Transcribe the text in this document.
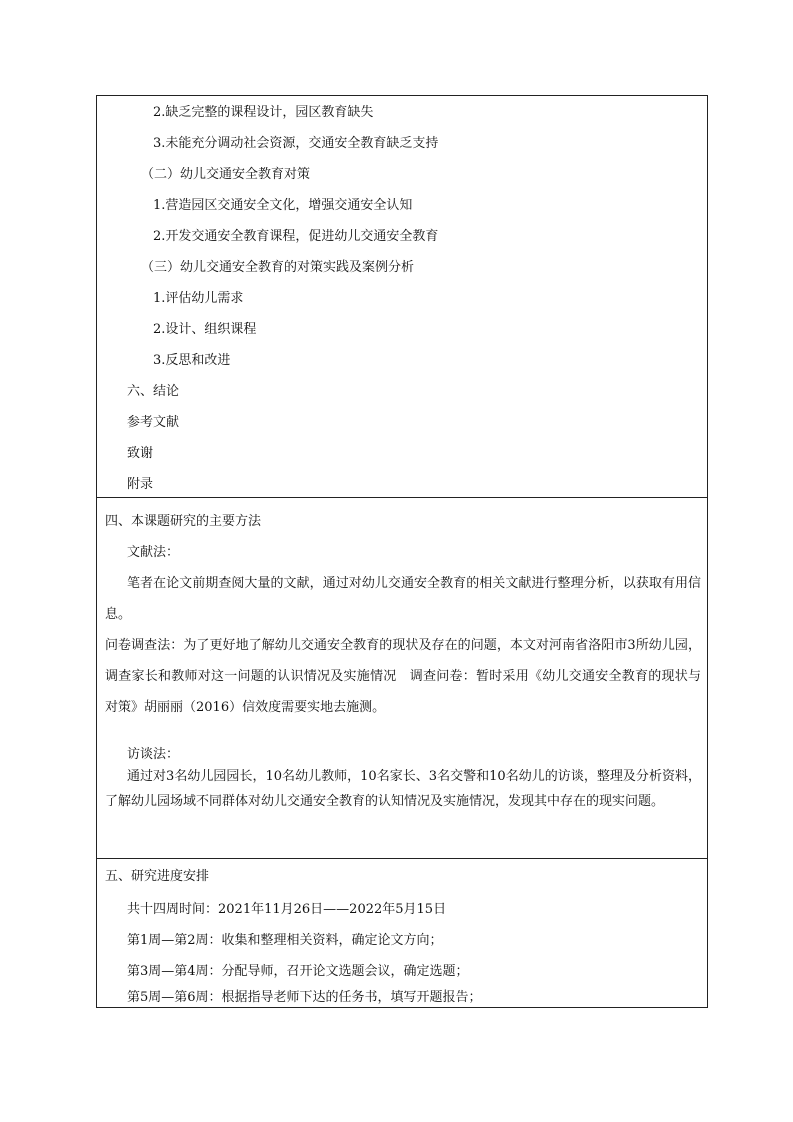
2.缺乏完整的课程设计，园区教育缺失
3.未能充分调动社会资源，交通安全教育缺乏支持
（二）幼儿交通安全教育对策
1.营造园区交通安全文化，增强交通安全认知
2.开发交通安全教育课程，促进幼儿交通安全教育
（三）幼儿交通安全教育的对策实践及案例分析
1.评估幼儿需求
2.设计、组织课程
3.反思和改进
六、结论
参考文献
致谢
附录
四、本课题研究的主要方法
文献法：
笔者在论文前期查阅大量的文献，通过对幼儿交通安全教育的相关文献进行整理分析，以获取有用信息。
问卷调查法：为了更好地了解幼儿交通安全教育的现状及存在的问题，本文对河南省洛阳市3所幼儿园，调查家长和教师对这一问题的认识情况及实施情况　调查问卷：暂时采用《幼儿交通安全教育的现状与对策》胡丽丽（2016）信效度需要实地去施测。
访谈法：
通过对3名幼儿园园长，10名幼儿教师，10名家长、3名交警和10名幼儿的访谈，整理及分析资料，了解幼儿园场域不同群体对幼儿交通安全教育的认知情况及实施情况，发现其中存在的现实问题。
五、研究进度安排
共十四周时间：2021年11月26日——2022年5月15日
第1周—第2周：收集和整理相关资料，确定论文方向；
第3周—第4周：分配导师，召开论文选题会议，确定选题；
第5周—第6周：根据指导老师下达的任务书，填写开题报告；
